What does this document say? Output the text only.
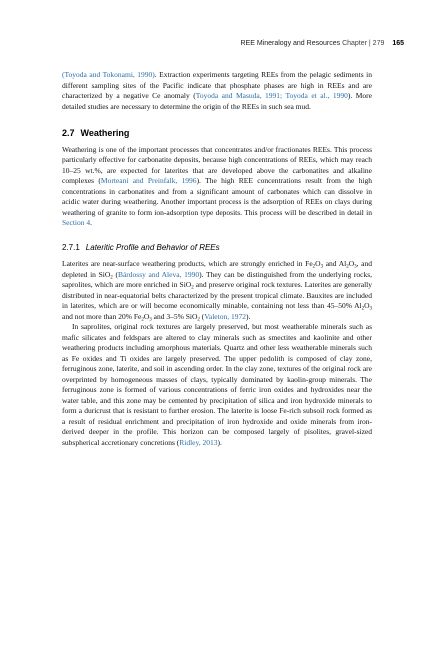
REE Mineralogy and Resources Chapter | 279 165

(Toyoda and Tokonami, 1990). Extraction experiments targeting REEs from the pelagic sediments in different sampling sites of the Pacific indicate that phosphate phases are high in REEs and are characterized by a negative Ce anomaly (Toyoda and Masuda, 1991; Toyoda et al., 1990). More detailed studies are necessary to determine the origin of the REEs in such sea mud.

2.7 Weathering

Weathering is one of the important processes that concentrates and/or fractionates REEs. This process particularly effective for carbonatite deposits, because high concentrations of REEs, which may reach 10–25 wt.%, are expected for laterites that are developed above the carbonatites and alkaline complexes (Morteani and Preinfalk, 1996). The high REE concentrations result from the high concentrations in carbonatites and from a significant amount of carbonates which can dissolve in acidic water during weathering. Another important process is the adsorption of REEs on clays during weathering of granite to form ion-adsorption type deposits. This process will be described in detail in Section 4.

2.7.1 Lateritic Profile and Behavior of REEs

Laterites are near-surface weathering products, which are strongly enriched in $Fe_2O_3$ and $Al_2O_3$, and depleted in SiO$_2$ (Bárdossy and Aleva, 1990). They can be distinguished from the underlying rocks, saprolites, which are more enriched in SiO$_2$ and preserve original rock textures. Laterites are generally distributed in near-equatorial belts characterized by the present tropical climate. Bauxites are included in laterites, which are or will become economically minable, containing not less than 45–50% $Al_2O_3$ and not more than 20% $Fe_2O_3$ and 3–5% SiO$_2$ (Valeton, 1972).

In saprolites, original rock textures are largely preserved, but most weatherable minerals such as mafic silicates and feldspars are altered to clay minerals such as smectites and kaolinite and other weathering products including amorphous materials. Quartz and other less weatherable minerals such as Fe oxides and Ti oxides are largely preserved. The upper pedolith is composed of clay zone, ferruginous zone, laterite, and soil in ascending order. In the clay zone, textures of the original rock are overprinted by homogeneous masses of clays, typically dominated by kaolin-group minerals. The ferruginous zone is formed of various concentrations of ferric iron oxides and hydroxides near the water table, and this zone may be cemented by precipitation of silica and iron hydroxide minerals to form a duricrust that is resistant to further erosion. The laterite is loose Fe-rich subsoil rock formed as a result of residual enrichment and precipitation of iron hydroxide and oxide minerals from iron-derived deeper in the profile. This horizon can be composed largely of pisolites, gravel-sized subspherical accretionary concretions (Ridley, 2013).
